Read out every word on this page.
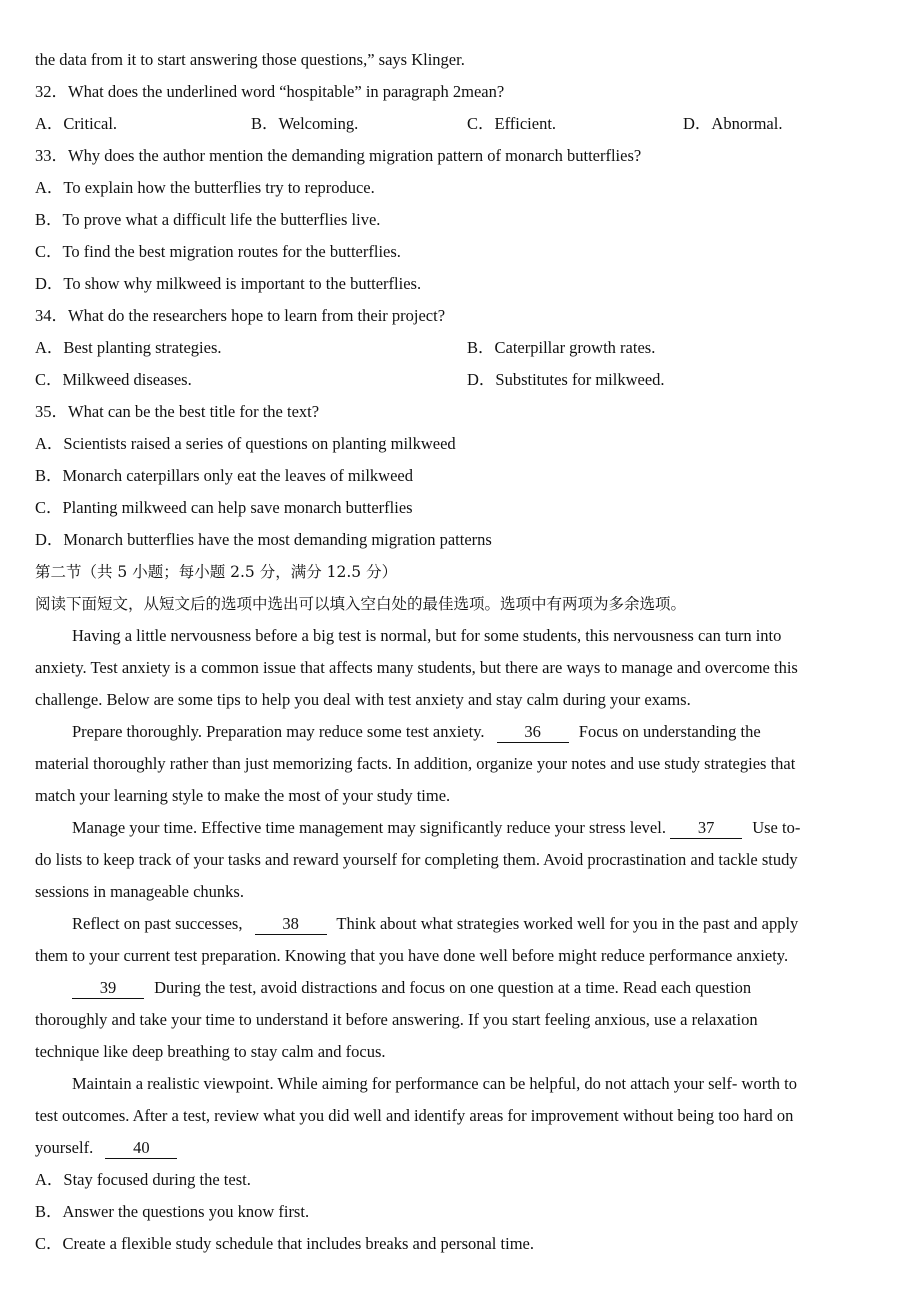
the data from it to start answering those questions,” says Klinger.
32．What does the underlined word “hospitable” in paragraph 2mean?
A．Critical.	B．Welcoming.	C．Efficient.	D．Abnormal.
33．Why does the author mention the demanding migration pattern of monarch butterflies?
A．To explain how the butterflies try to reproduce.
B．To prove what a difficult life the butterflies live.
C．To find the best migration routes for the butterflies.
D．To show why milkweed is important to the butterflies.
34．What do the researchers hope to learn from their project?
A．Best planting strategies.	B．Caterpillar growth rates.
C．Milkweed diseases.	D．Substitutes for milkweed.
35．What can be the best title for the text?
A．Scientists raised a series of questions on planting milkweed
B．Monarch caterpillars only eat the leaves of milkweed
C．Planting milkweed can help save monarch butterflies
D．Monarch butterflies have the most demanding migration patterns
第二节（共 5 小题；每小题 2.5 分，满分 12.5 分）
阅读下面短文，从短文后的选项中选出可以填入空白处的最佳选项。选项中有两项为多余选项。
Having a little nervousness before a big test is normal, but for some students, this nervousness can turn into
anxiety. Test anxiety is a common issue that affects many students, but there are ways to manage and overcome this
challenge. Below are some tips to help you deal with test anxiety and stay calm during your exams.
Prepare thoroughly. Preparation may reduce some test anxiety. 36 Focus on understanding the
material thoroughly rather than just memorizing facts. In addition, organize your notes and use study strategies that
match your learning style to make the most of your study time.
Manage your time. Effective time management may significantly reduce your stress level. 37 Use to-
do lists to keep track of your tasks and reward yourself for completing them. Avoid procrastination and tackle study
sessions in manageable chunks.
Reflect on past successes, 38 Think about what strategies worked well for you in the past and apply
them to your current test preparation. Knowing that you have done well before might reduce performance anxiety.
39 During the test, avoid distractions and focus on one question at a time. Read each question
thoroughly and take your time to understand it before answering. If you start feeling anxious, use a relaxation
technique like deep breathing to stay calm and focus.
Maintain a realistic viewpoint. While aiming for performance can be helpful, do not attach your self- worth to
test outcomes. After a test, review what you did well and identify areas for improvement without being too hard on
yourself. 40
A．Stay focused during the test.
B．Answer the questions you know first.
C．Create a flexible study schedule that includes breaks and personal time.
